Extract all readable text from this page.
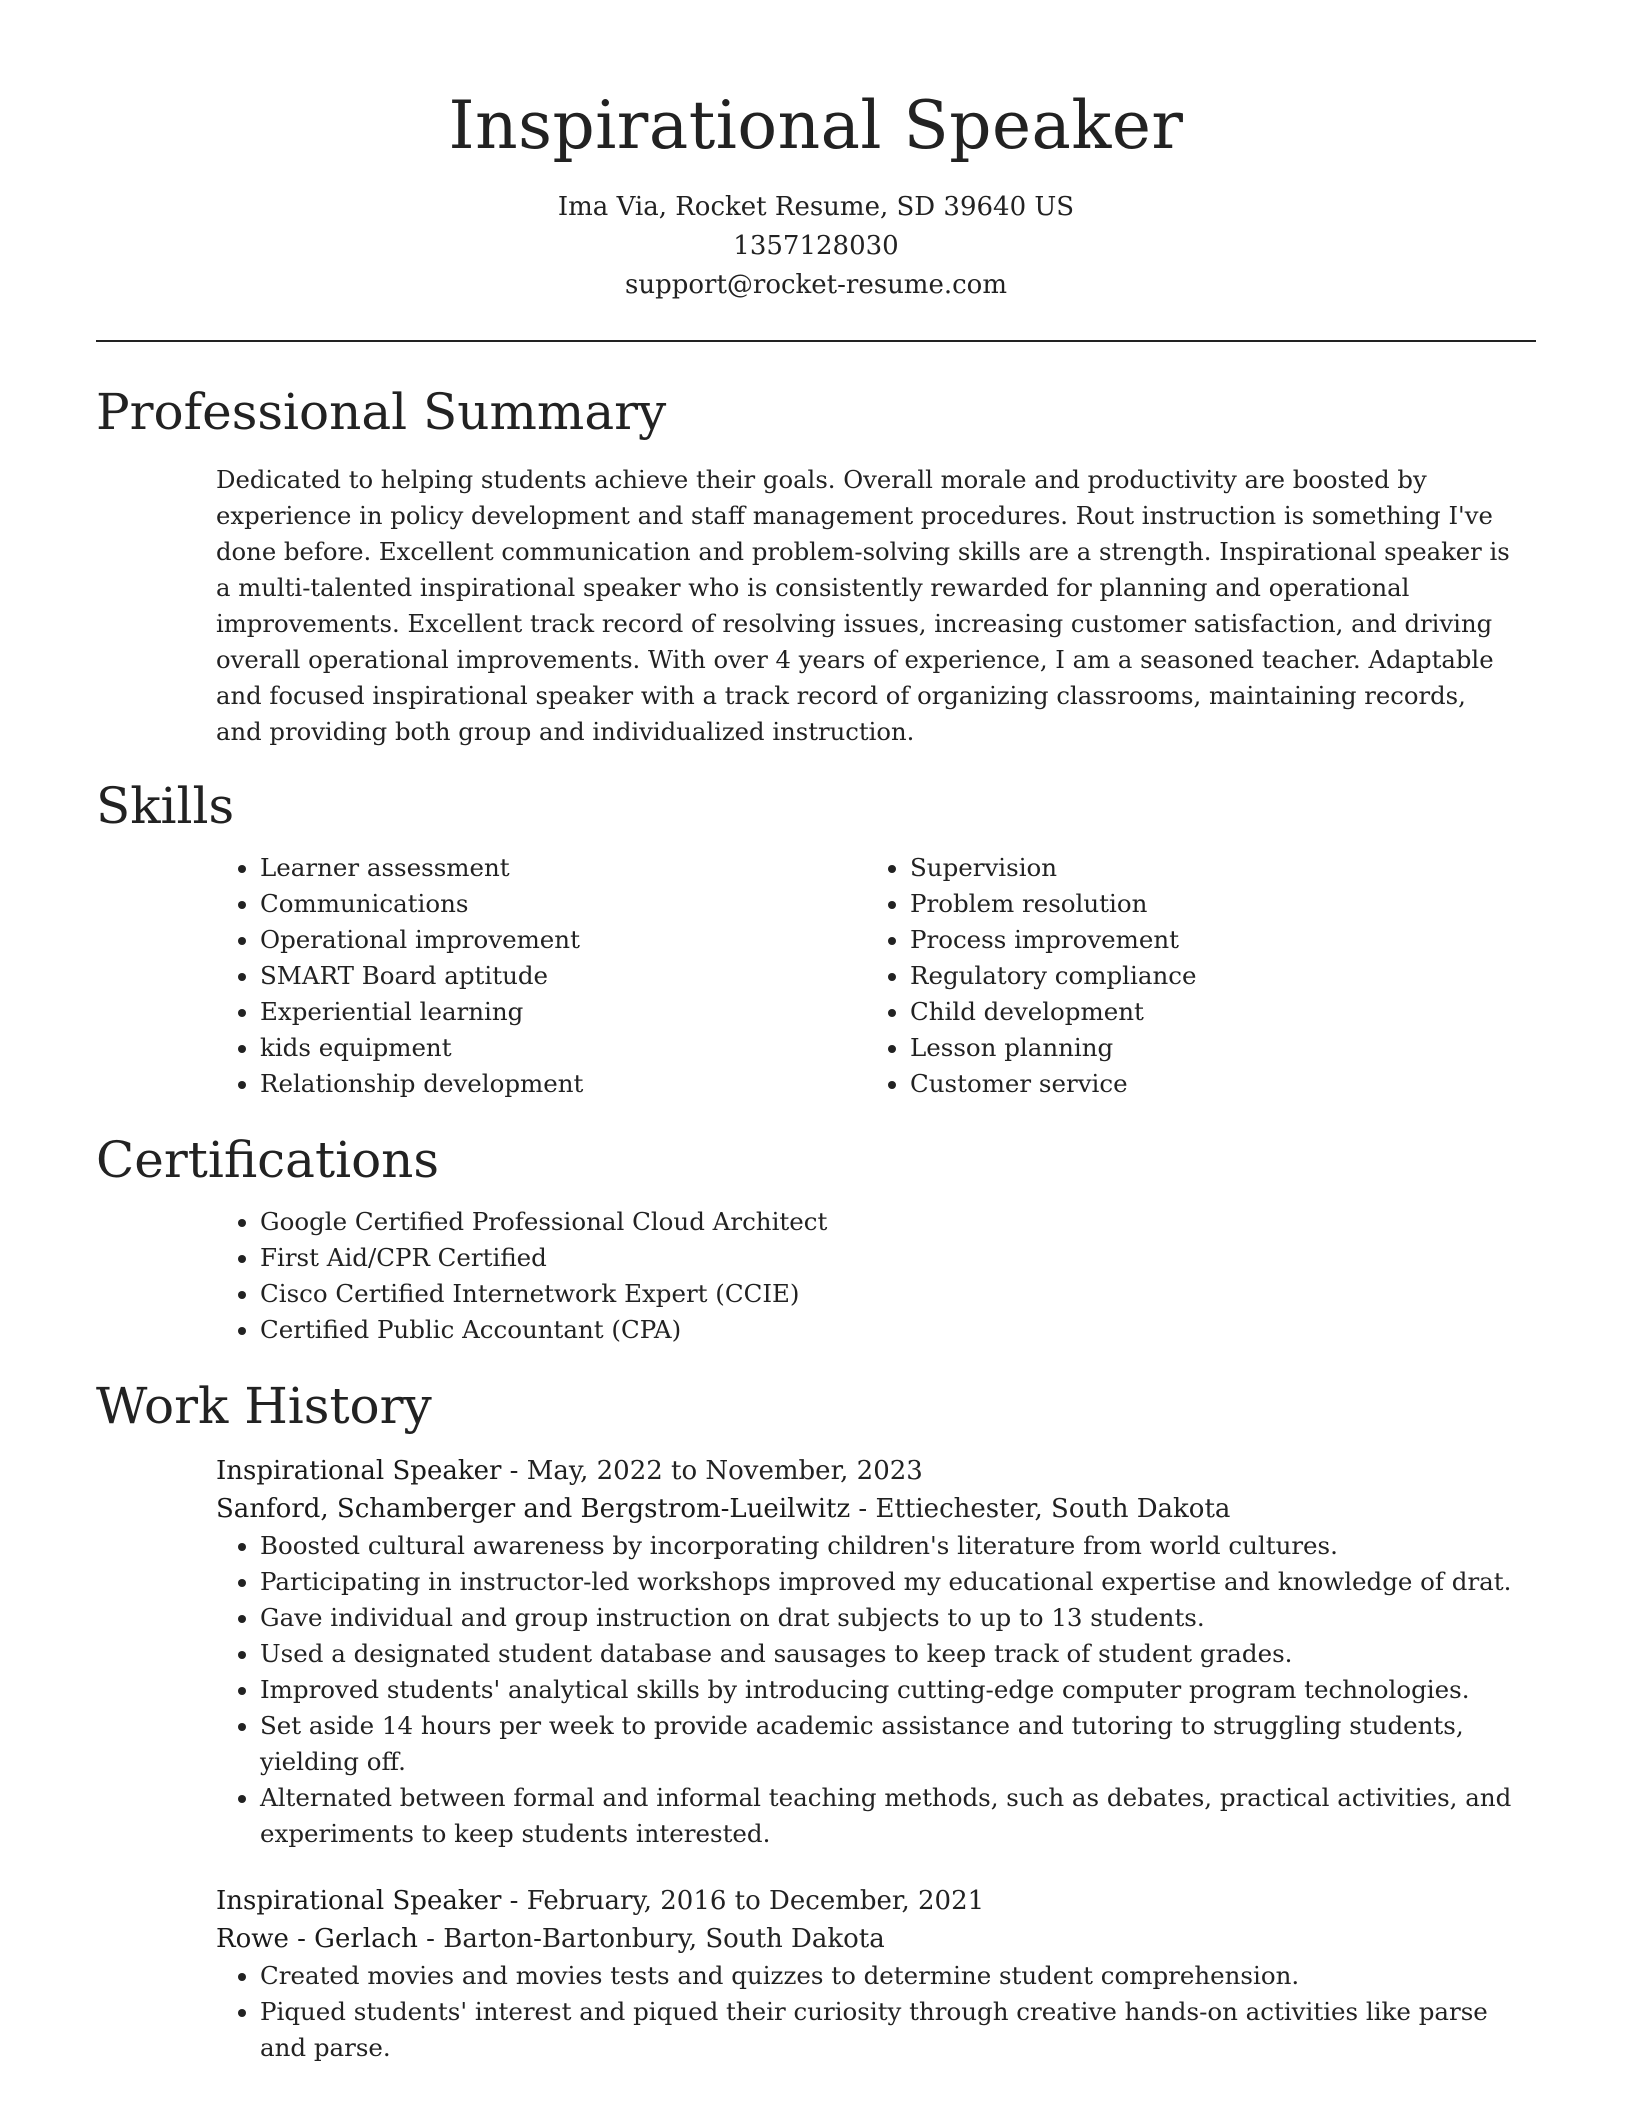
Inspirational Speaker
Ima Via, Rocket Resume, SD 39640 US
1357128030
support@rocket-resume.com
Professional Summary

Dedicated to helping students achieve their goals. Overall morale and productivity are boosted by experience in policy development and staff management procedures. Rout instruction is something I've done before. Excellent communication and problem-solving skills are a strength. Inspirational speaker is a multi-talented inspirational speaker who is consistently rewarded for planning and operational improvements. Excellent track record of resolving issues, increasing customer satisfaction, and driving overall operational improvements. With over 4 years of experience, I am a seasoned teacher. Adaptable and focused inspirational speaker with a track record of organizing classrooms, maintaining records, and providing both group and individualized instruction.

Skills
• Learner assessment
• Communications
• Operational improvement
• SMART Board aptitude
• Experiential learning
• kids equipment
• Relationship development
• Supervision
• Problem resolution
• Process improvement
• Regulatory compliance
• Child development
• Lesson planning
• Customer service
Certifications
• Google Certified Professional Cloud Architect
• First Aid/CPR Certified
• Cisco Certified Internetwork Expert (CCIE)
• Certified Public Accountant (CPA)
Work History
Inspirational Speaker - May, 2022 to November, 2023
Sanford, Schamberger and Bergstrom-Lueilwitz - Ettiechester, South Dakota
• Boosted cultural awareness by incorporating children's literature from world cultures.
• Participating in instructor-led workshops improved my educational expertise and knowledge of drat.
• Gave individual and group instruction on drat subjects to up to 13 students.
• Used a designated student database and sausages to keep track of student grades.
• Improved students' analytical skills by introducing cutting-edge computer program technologies.
• Set aside 14 hours per week to provide academic assistance and tutoring to struggling students, yielding off.
• Alternated between formal and informal teaching methods, such as debates, practical activities, and experiments to keep students interested.
Inspirational Speaker - February, 2016 to December, 2021
Rowe - Gerlach - Barton-Bartonbury, South Dakota
• Created movies and movies tests and quizzes to determine student comprehension.
• Piqued students' interest and piqued their curiosity through creative hands-on activities like parse and parse.
